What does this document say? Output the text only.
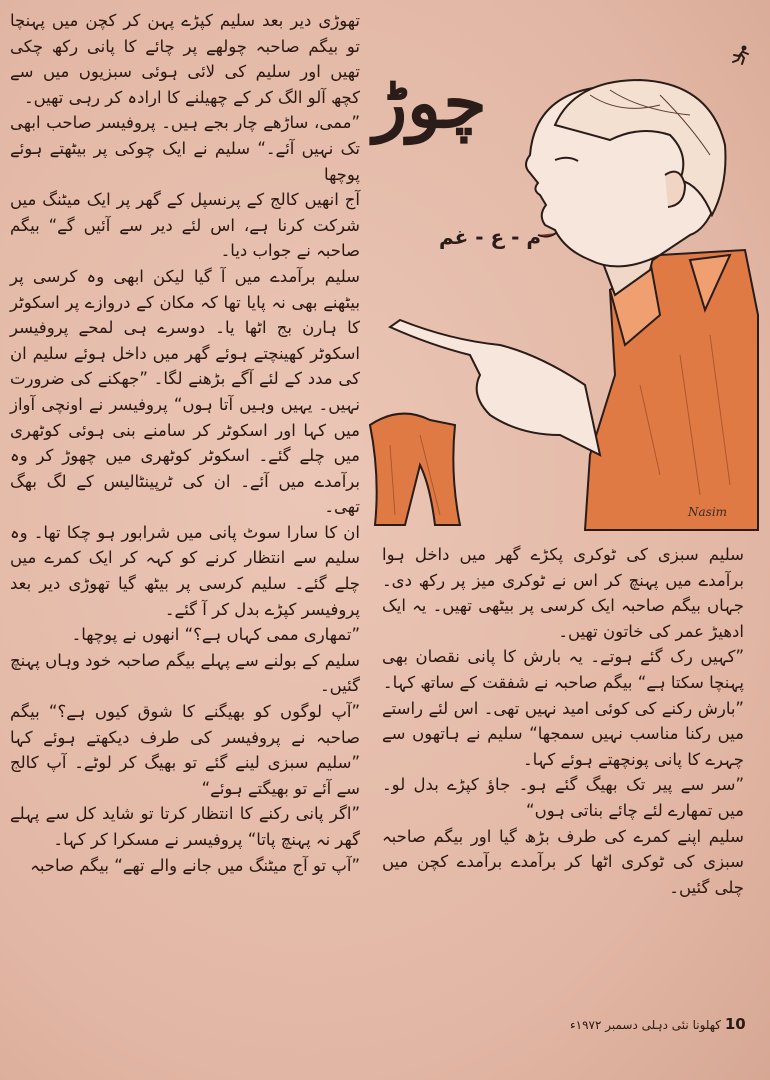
چوڑ
م - ع - غم
Nasim

تھوڑی دیر بعد سلیم کپڑے پہن کر کچن میں پہنچا تو بیگم صاحبہ چولھے پر چائے کا پانی رکھ چکی تھیں اور سلیم کی لائی ہوئی سبزیوں میں سے کچھ آلو الگ کر کے چھیلنے کا ارادہ کر رہی تھیں۔

”ممی، ساڑھے چار بجے ہیں۔ پروفیسر صاحب ابھی تک نہیں آئے۔“ سلیم نے ایک چوکی پر بیٹھتے ہوئے پوچھا

آج انھیں کالج کے پرنسپل کے گھر پر ایک میٹنگ میں شرکت کرنا ہے، اس لئے دیر سے آئیں گے“ بیگم صاحبہ نے جواب دیا۔

سلیم برآمدے میں آ گیا لیکن ابھی وہ کرسی پر بیٹھنے بھی نہ پایا تھا کہ مکان کے دروازے پر اسکوٹر کا ہارن بج اٹھا یا۔ دوسرے ہی لمحے پروفیسر اسکوٹر کھینچتے ہوئے گھر میں داخل ہوئے سلیم ان کی مدد کے لئے آگے بڑھنے لگا۔ ”جھکنے کی ضرورت نہیں۔ یہیں وہیں آتا ہوں“ پروفیسر نے اونچی آواز میں کہا اور اسکوٹر کر سامنے بنی ہوئی کوٹھری میں چلے گئے۔ اسکوٹر کوٹھری میں چھوڑ کر وہ برآمدے میں آئے۔ ان کی ٹرپینٹالیس کے لگ بھگ تھی۔

ان کا سارا سوٹ پانی میں شرابور ہو چکا تھا۔ وہ سلیم سے انتظار کرنے کو کہہ کر ایک کمرے میں چلے گئے۔ سلیم کرسی پر بیٹھ گیا تھوڑی دیر بعد پروفیسر کپڑے بدل کر آ گئے۔

”تمھاری ممی کہاں ہے؟“ انھوں نے پوچھا۔

سلیم کے بولنے سے پہلے بیگم صاحبہ خود وہاں پہنچ گئیں۔

”آپ لوگوں کو بھیگنے کا شوق کیوں ہے؟“ بیگم صاحبہ نے پروفیسر کی طرف دیکھتے ہوئے کہا ”سلیم سبزی لینے گئے تو بھیگ کر لوٹے۔ آپ کالج سے آئے تو بھیگتے ہوئے“

”اگر پانی رکنے کا انتظار کرتا تو شاید کل سے پہلے گھر نہ پہنچ پاتا“ پروفیسر نے مسکرا کر کہا۔

”آپ تو آج میٹنگ میں جانے والے تھے“ بیگم صاحبہ

سلیم سبزی کی ٹوکری پکڑے گھر میں داخل ہوا برآمدے میں پہنچ کر اس نے ٹوکری میز پر رکھ دی۔ جہاں بیگم صاحبہ ایک کرسی پر بیٹھی تھیں۔ یہ ایک ادھیڑ عمر کی خاتون تھیں۔

”کہیں رک گئے ہوتے۔ یہ بارش کا پانی نقصان بھی پہنچا سکتا ہے“ بیگم صاحبہ نے شفقت کے ساتھ کہا۔

”بارش رکنے کی کوئی امید نہیں تھی۔ اس لئے راستے میں رکنا مناسب نہیں سمجھا“ سلیم نے ہاتھوں سے چہرے کا پانی پونچھتے ہوئے کہا۔

”سر سے پیر تک بھیگ گئے ہو۔ جاؤ کپڑے بدل لو۔ میں تمھارے لئے چائے بناتی ہوں“

سلیم اپنے کمرے کی طرف بڑھ گیا اور بیگم صاحبہ سبزی کی ٹوکری اٹھا کر برآمدے برآمدے کچن میں چلی گئیں۔

10 کھلونا نئی دہلی دسمبر ۱۹۷۲ء
